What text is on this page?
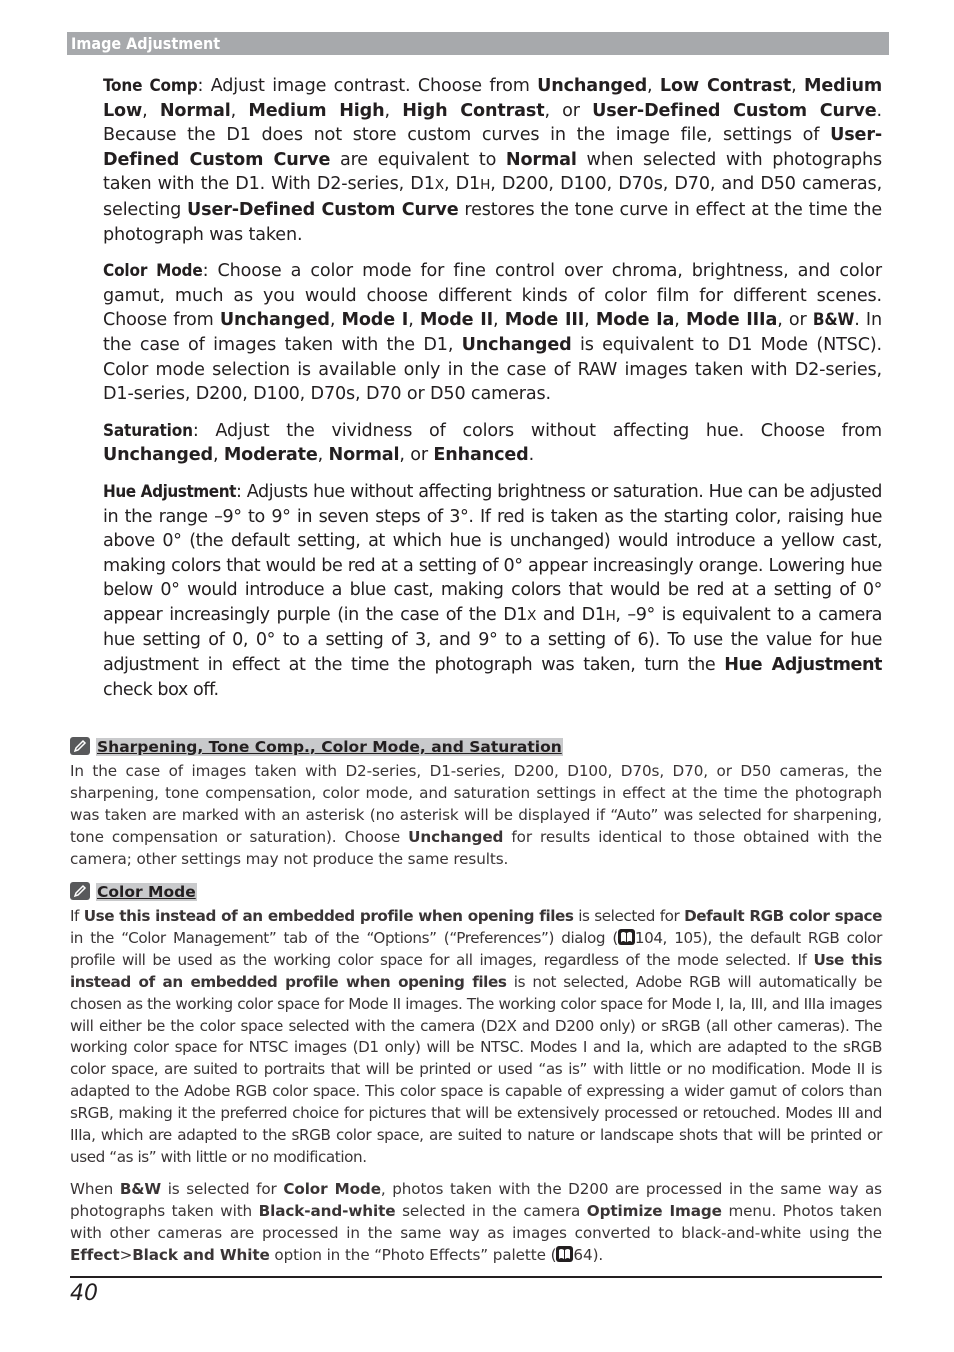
Image Adjustment

Tone Comp: Adjust image contrast. Choose from Unchanged, Low Contrast, Medium Low, Normal, Medium High, High Contrast, or User-Defined Custom Curve. Because the D1 does not store custom curves in the image file, settings of User-Defined Custom Curve are equivalent to Normal when selected with photographs taken with the D1. With D2-series, D1X, D1H, D200, D100, D70s, D70, and D50 cameras, selecting User-Defined Custom Curve restores the tone curve in effect at the time the photograph was taken.

Color Mode: Choose a color mode for fine control over chroma, brightness, and color gamut, much as you would choose different kinds of color film for different scenes. Choose from Unchanged, Mode I, Mode II, Mode III, Mode Ia, Mode IIIa, or B&W. In the case of images taken with the D1, Unchanged is equivalent to D1 Mode (NTSC). Color mode selection is available only in the case of RAW images taken with D2-series, D1-series, D200, D100, D70s, D70 or D50 cameras.

Saturation: Adjust the vividness of colors without affecting hue. Choose from Unchanged, Moderate, Normal, or Enhanced.

Hue Adjustment: Adjusts hue without affecting brightness or saturation. Hue can be adjusted in the range –9° to 9° in seven steps of 3°. If red is taken as the starting color, raising hue above 0° (the default setting, at which hue is unchanged) would introduce a yellow cast, making colors that would be red at a setting of 0° appear increasingly orange. Lowering hue below 0° would introduce a blue cast, making colors that would be red at a setting of 0° appear increasingly purple (in the case of the D1X and D1H, –9° is equivalent to a camera hue setting of 0, 0° to a setting of 3, and 9° to a setting of 6). To use the value for hue adjustment in effect at the time the photograph was taken, turn the Hue Adjustment check box off.

Sharpening, Tone Comp., Color Mode, and Saturation

In the case of images taken with D2-series, D1-series, D200, D100, D70s, D70, or D50 cameras, the sharpening, tone compensation, color mode, and saturation settings in effect at the time the photograph was taken are marked with an asterisk (no asterisk will be displayed if “Auto” was selected for sharpening, tone compensation or saturation). Choose Unchanged for results identical to those obtained with the camera; other settings may not produce the same results.

Color Mode

If Use this instead of an embedded profile when opening files is selected for Default RGB color space in the “Color Management” tab of the “Options” (“Preferences”) dialog ( 104, 105), the default RGB color profile will be used as the working color space for all images, regardless of the mode selected. If Use this instead of an embedded profile when opening files is not selected, Adobe RGB will automatically be chosen as the working color space for Mode II images. The working color space for Mode I, Ia, III, and IIIa images will either be the color space selected with the camera (D2X and D200 only) or sRGB (all other cameras). The working color space for NTSC images (D1 only) will be NTSC. Modes I and Ia, which are adapted to the sRGB color space, are suited to portraits that will be printed or used “as is” with little or no modification. Mode II is adapted to the Adobe RGB color space. This color space is capable of expressing a wider gamut of colors than sRGB, making it the preferred choice for pictures that will be extensively processed or retouched. Modes III and IIIa, which are adapted to the sRGB color space, are suited to nature or landscape shots that will be printed or used “as is” with little or no modification.

When B&W is selected for Color Mode, photos taken with the D200 are processed in the same way as photographs taken with Black-and-white selected in the camera Optimize Image menu. Photos taken with other cameras are processed in the same way as images converted to black-and-white using the Effect>Black and White option in the “Photo Effects” palette ( 64).

40
